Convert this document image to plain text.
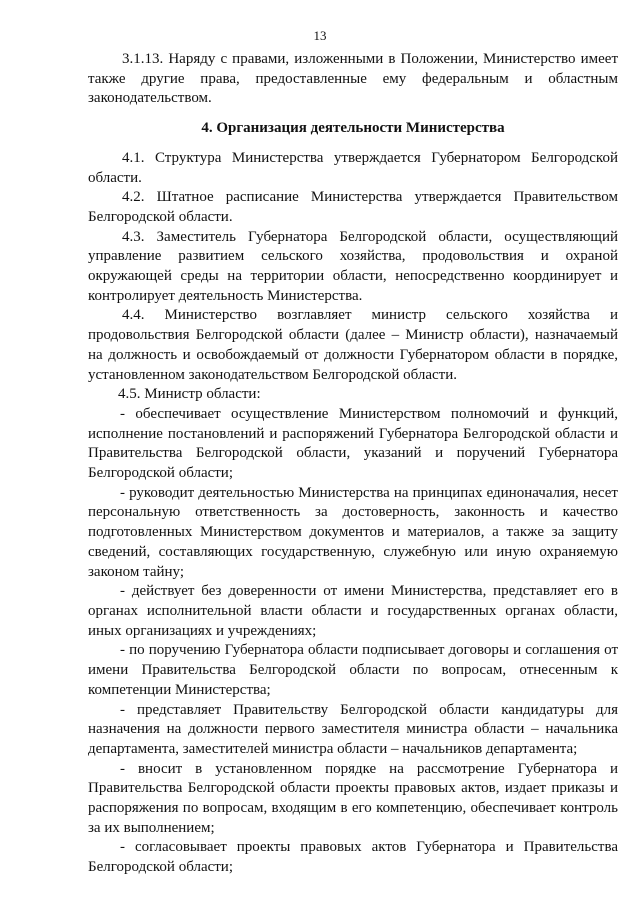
13

3.1.13. Наряду с правами, изложенными в Положении, Министерство имеет также другие права, предоставленные ему федеральным и областным законодательством.

4. Организация деятельности Министерства

4.1. Структура Министерства утверждается Губернатором Белгородской области.

4.2. Штатное расписание Министерства утверждается Правительством Белгородской области.

4.3. Заместитель Губернатора Белгородской области, осуществляющий управление развитием сельского хозяйства, продовольствия и охраной окружающей среды на территории области, непосредственно координирует и контролирует деятельность Министерства.

4.4. Министерство возглавляет министр сельского хозяйства и продовольствия Белгородской области (далее – Министр области), назначаемый на должность и освобождаемый от должности Губернатором области в порядке, установленном законодательством Белгородской области.

4.5. Министр области:

- обеспечивает осуществление Министерством полномочий и функций, исполнение постановлений и распоряжений Губернатора Белгородской области и Правительства Белгородской области, указаний и поручений Губернатора Белгородской области;

- руководит деятельностью Министерства на принципах единоначалия, несет персональную ответственность за достоверность, законность и качество подготовленных Министерством документов и материалов, а также за защиту сведений, составляющих государственную, служебную или иную охраняемую законом тайну;

- действует без доверенности от имени Министерства, представляет его в органах исполнительной власти области и государственных органах области, иных организациях и учреждениях;

- по поручению Губернатора области подписывает договоры и соглашения от имени Правительства Белгородской области по вопросам, отнесенным к компетенции Министерства;

- представляет Правительству Белгородской области кандидатуры для назначения на должности первого заместителя министра области – начальника департамента, заместителей министра области – начальников департамента;

- вносит в установленном порядке на рассмотрение Губернатора и Правительства Белгородской области проекты правовых актов, издает приказы и распоряжения по вопросам, входящим в его компетенцию, обеспечивает контроль за их выполнением;

- согласовывает проекты правовых актов Губернатора и Правительства Белгородской области;
